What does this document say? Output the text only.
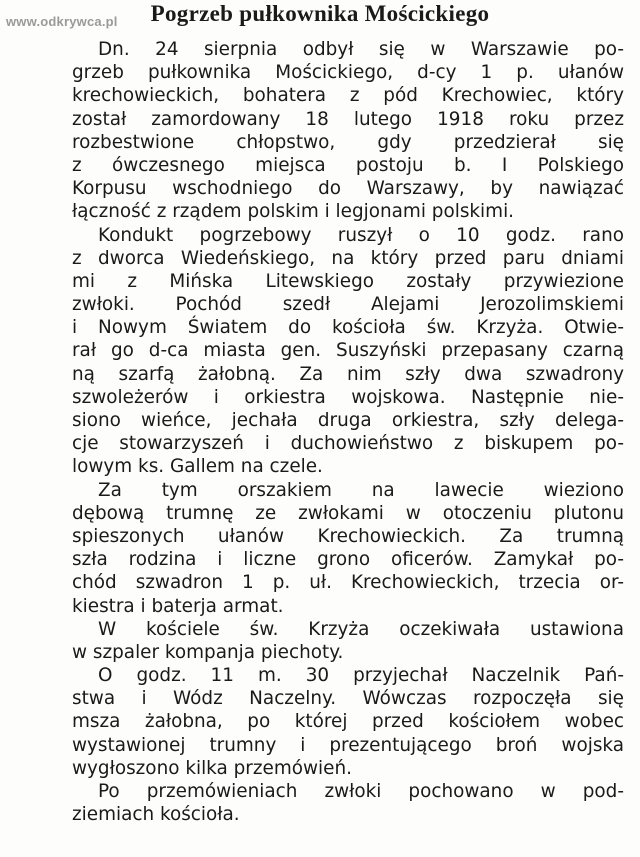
www.odkrywca.pl	Pogrzeb pułkownika Mościckiego
Dn. 24 sierpnia odbył się w Warszawie po-
grzeb pułkownika Mościckiego, d-cy 1 p. ułanów
krechowieckich, bohatera z pód Krechowiec, który
został zamordowany 18 lutego 1918 roku przez
rozbestwione chłopstwo, gdy przedzierał się
z ówczesnego miejsca postoju b. I Polskiego
Korpusu wschodniego do Warszawy, by nawiązać
łączność z rządem polskim i legjonami polskimi.
Kondukt pogrzebowy ruszył o 10 godz. rano
z dworca Wiedeńskiego, na który przed paru dniami
mi z Mińska Litewskiego zostały przywiezione
zwłoki. Pochód szedł Alejami Jerozolimskiemi
i Nowym Światem do kościoła św. Krzyża. Otwie-
rał go d-ca miasta gen. Suszyński przepasany czarną
ną szarfą żałobną. Za nim szły dwa szwadrony
szwoleżerów i orkiestra wojskowa. Następnie nie-
siono wieńce, jechała druga orkiestra, szły delega-
cje stowarzyszeń i duchowieństwo z biskupem po-
lowym ks. Gallem na czele.
Za tym orszakiem na lawecie wieziono
dębową trumnę ze zwłokami w otoczeniu plutonu
spieszonych ułanów Krechowieckich. Za trumną
szła rodzina i liczne grono oficerów. Zamykał po-
chód szwadron 1 p. uł. Krechowieckich, trzecia or-
kiestra i baterja armat.
W kościele św. Krzyża oczekiwała ustawiona
w szpaler kompanja piechoty.
O godz. 11 m. 30 przyjechał Naczelnik Pań-
stwa i Wódz Naczelny. Wówczas rozpoczęła się
msza żałobna, po której przed kościołem wobec
wystawionej trumny i prezentującego broń wojska
wygłoszono kilka przemówień.
Po przemówieniach zwłoki pochowano w pod-
ziemiach kościoła.
